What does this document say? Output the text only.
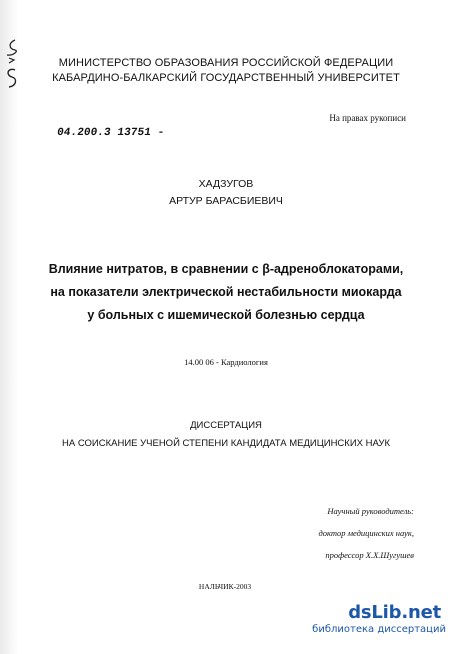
МИНИСТЕРСТВО ОБРАЗОВАНИЯ РОССИЙСКОЙ ФЕДЕРАЦИИ
КАБАРДИНО-БАЛКАРСКИЙ ГОСУДАРСТВЕННЫЙ УНИВЕРСИТЕТ
На правах рукописи
04.200.3 13751 -
ХАДЗУГОВ
АРТУР БАРАСБИЕВИЧ
Влияние нитратов, в сравнении с β-адреноблокаторами,
на показатели электрической нестабильности миокарда
у больных с ишемической болезнью сердца
14.00 06 - Кардиология
ДИССЕРТАЦИЯ
НА СОИСКАНИЕ УЧЕНОЙ СТЕПЕНИ КАНДИДАТА МЕДИЦИНСКИХ НАУК
Научный руководитель:
доктор медицинских наук,
профессор Х.Х.Шугушев
НАЛЬЧИК-2003
dsLib.net
библиотека диссертаций
